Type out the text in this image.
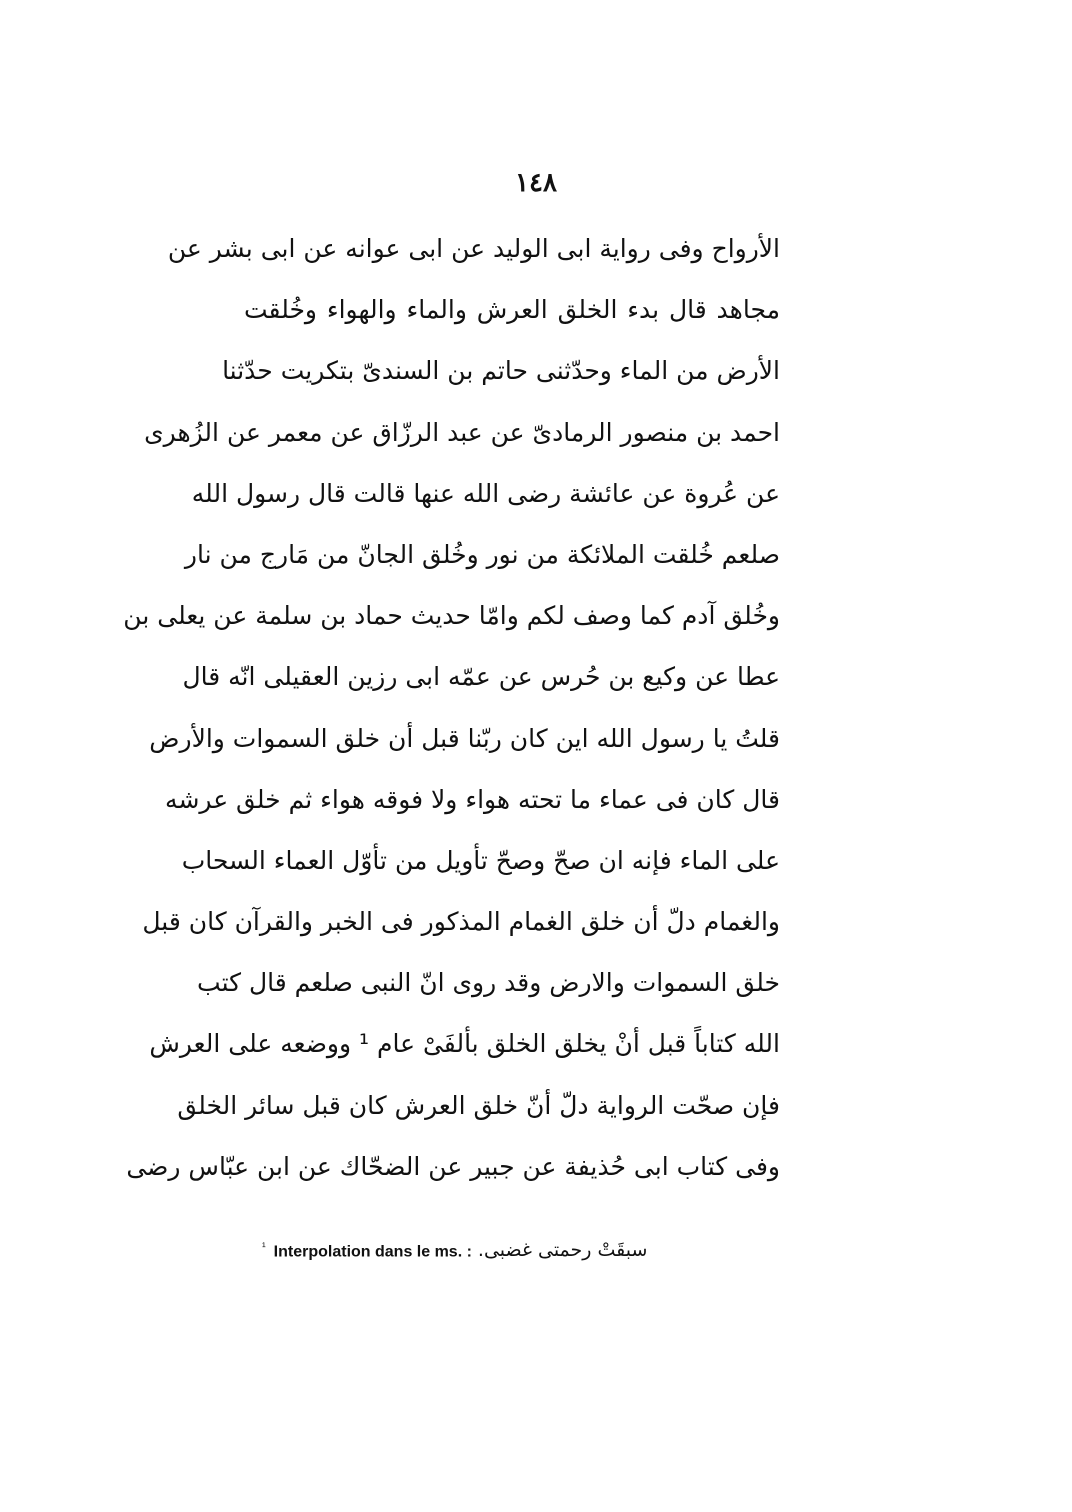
١٤٨
الأرواح وفى رواية ابى الوليد عن ابى عوانه عن ابى بشر عن
مجاهد قال بدء الخلق العرش والماء والهواء وخُلقت
الأرض من الماء وحدّثنى حاتم بن السندىّ بتكريت حدّثنا
احمد بن منصور الرمادىّ عن عبد الرزّاق عن معمر عن الزُهرى
عن عُروة عن عائشة رضى الله عنها قالت قال رسول الله
صلعم خُلقت الملائكة من نور وخُلق الجانّ من مَارج من نار
وخُلق آدم كما وصف لكم وامّا حديث حماد بن سلمة عن يعلى بن
عطا عن وكيع بن حُرس عن عمّه ابى رزين العقيلى انّه قال
قلتُ يا رسول الله اين كان ربّنا قبل أن خلق السموات والأرض
قال كان فى عماء ما تحته هواء ولا فوقه هواء ثم خلق عرشه
على الماء فإنه ان صحّ وصحّ تأويل من تأوّل العماء السحاب
والغمام دلّ أن خلق الغمام المذكور فى الخبر والقرآن كان قبل
خلق السموات والارض وقد روى انّ النبى صلعم قال كتب
الله كتاباً قبل أنْ يخلق الخلق بألفَىْ عام ¹ ووضعه على العرش
فإن صحّت الرواية دلّ أنّ خلق العرش كان قبل سائر الخلق
وفى كتاب ابى حُذيفة عن جبير عن الضحّاك عن ابن عبّاس رضى
$^{^1}$ Interpolation dans le ms. : سبقَتْ رحمتى غضبى.
